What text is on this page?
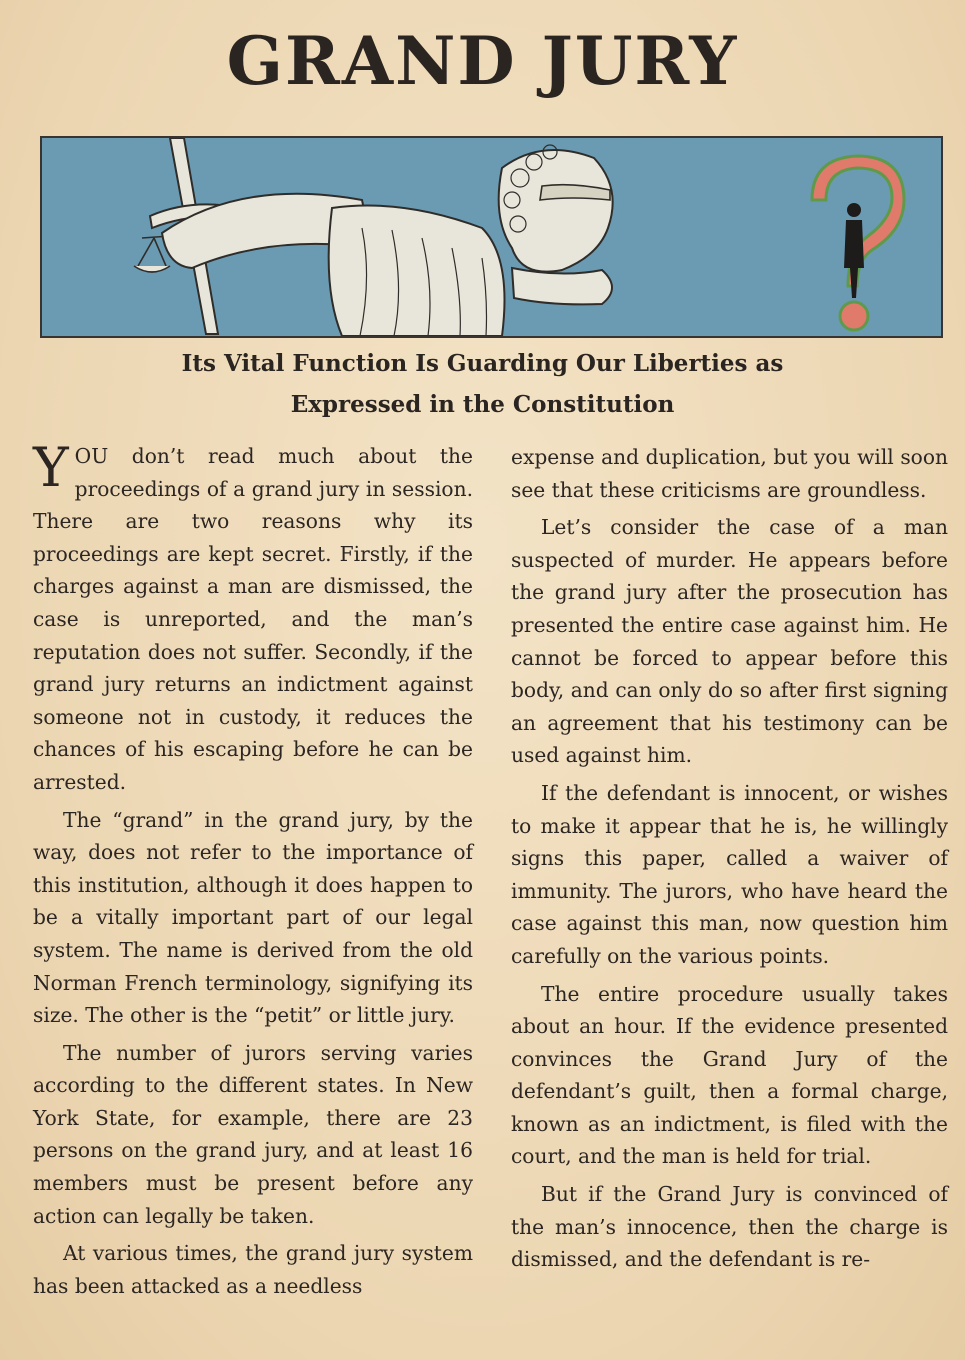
GRAND JURY
Its Vital Function Is Guarding Our Liberties as
Expressed in the Constitution

YOU don’t read much about the proceedings of a grand jury in session. There are two reasons why its proceedings are kept secret. Firstly, if the charges against a man are dismissed, the case is unreported, and the man’s reputation does not suffer. Secondly, if the grand jury returns an indictment against someone not in custody, it reduces the chances of his escaping before he can be arrested.

The “grand” in the grand jury, by the way, does not refer to the importance of this institution, although it does happen to be a vitally important part of our legal system. The name is derived from the old Norman French terminology, signifying its size. The other is the “petit” or little jury.

The number of jurors serving varies according to the different states. In New York State, for example, there are 23 persons on the grand jury, and at least 16 members must be present before any action can legally be taken.

At various times, the grand jury system has been attacked as a needless

expense and duplication, but you will soon see that these criticisms are groundless.

Let’s consider the case of a man suspected of murder. He appears before the grand jury after the prosecution has presented the entire case against him. He cannot be forced to appear before this body, and can only do so after first signing an agreement that his testimony can be used against him.

If the defendant is innocent, or wishes to make it appear that he is, he willingly signs this paper, called a waiver of immunity. The jurors, who have heard the case against this man, now question him carefully on the various points.

The entire procedure usually takes about an hour. If the evidence presented convinces the Grand Jury of the defendant’s guilt, then a formal charge, known as an indictment, is filed with the court, and the man is held for trial.

But if the Grand Jury is convinced of the man’s innocence, then the charge is dismissed, and the defendant is re-
